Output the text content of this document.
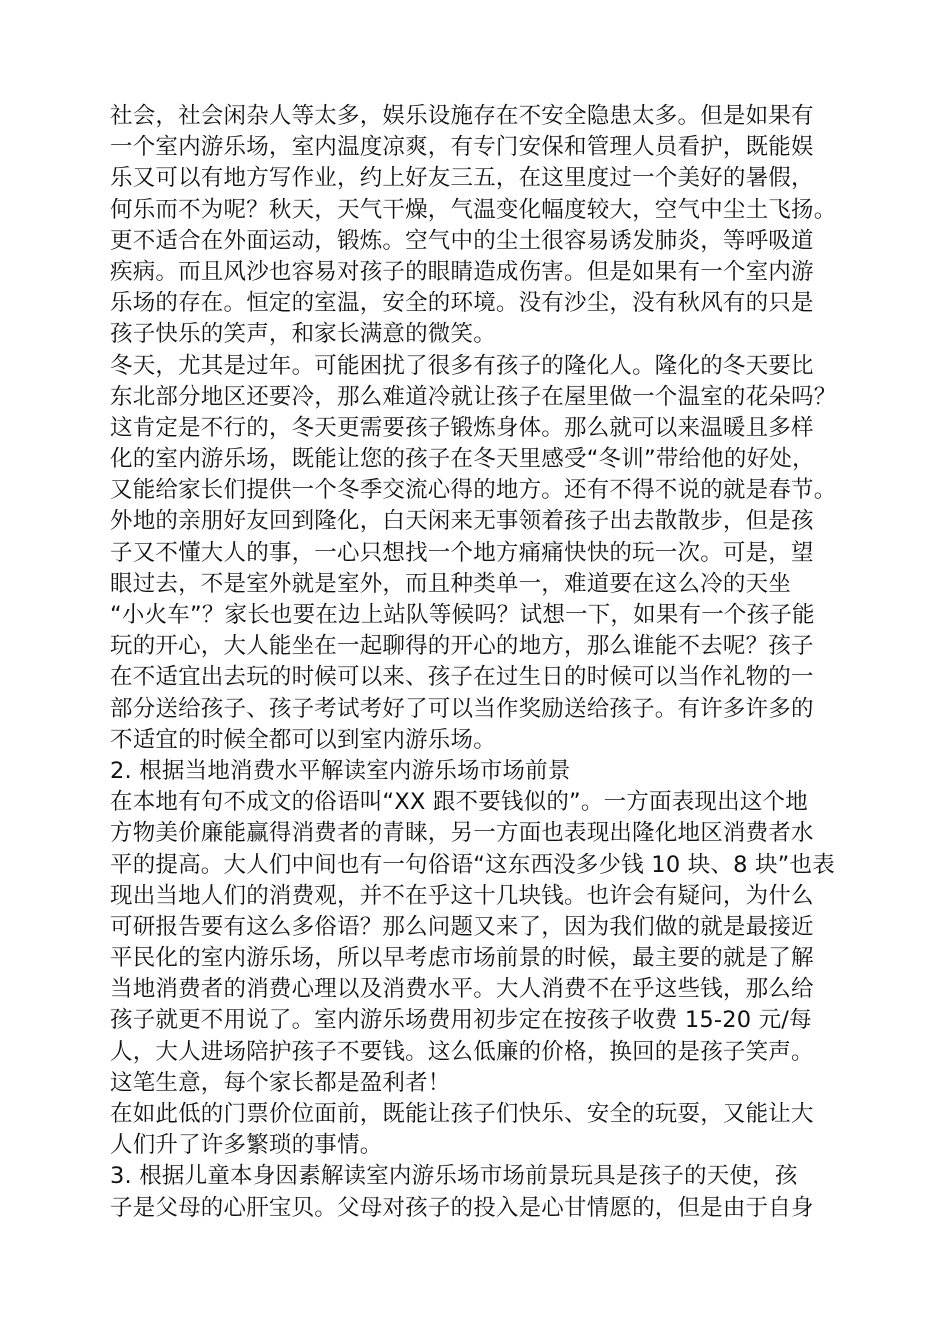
社会，社会闲杂人等太多，娱乐设施存在不安全隐患太多。但是如果有
一个室内游乐场，室内温度凉爽，有专门安保和管理人员看护，既能娱
乐又可以有地方写作业，约上好友三五，在这里度过一个美好的暑假，
何乐而不为呢？秋天，天气干燥，气温变化幅度较大，空气中尘土飞扬。
更不适合在外面运动，锻炼。空气中的尘土很容易诱发肺炎，等呼吸道
疾病。而且风沙也容易对孩子的眼睛造成伤害。但是如果有一个室内游
乐场的存在。恒定的室温，安全的环境。没有沙尘，没有秋风有的只是
孩子快乐的笑声，和家长满意的微笑。
冬天，尤其是过年。可能困扰了很多有孩子的隆化人。隆化的冬天要比
东北部分地区还要冷，那么难道冷就让孩子在屋里做一个温室的花朵吗？
这肯定是不行的，冬天更需要孩子锻炼身体。那么就可以来温暖且多样
化的室内游乐场，既能让您的孩子在冬天里感受“冬训”带给他的好处，
又能给家长们提供一个冬季交流心得的地方。还有不得不说的就是春节。
外地的亲朋好友回到隆化，白天闲来无事领着孩子出去散散步，但是孩
子又不懂大人的事，一心只想找一个地方痛痛快快的玩一次。可是，望
眼过去，不是室外就是室外，而且种类单一，难道要在这么冷的天坐
“小火车”？家长也要在边上站队等候吗？试想一下，如果有一个孩子能
玩的开心，大人能坐在一起聊得的开心的地方，那么谁能不去呢？孩子
在不适宜出去玩的时候可以来、孩子在过生日的时候可以当作礼物的一
部分送给孩子、孩子考试考好了可以当作奖励送给孩子。有许多许多的
不适宜的时候全都可以到室内游乐场。
2. 根据当地消费水平解读室内游乐场市场前景
在本地有句不成文的俗语叫“XX 跟不要钱似的”。一方面表现出这个地
方物美价廉能赢得消费者的青睐，另一方面也表现出隆化地区消费者水
平的提高。大人们中间也有一句俗语“这东西没多少钱 10 块、8 块”也表
现出当地人们的消费观，并不在乎这十几块钱。也许会有疑问，为什么
可研报告要有这么多俗语？那么问题又来了，因为我们做的就是最接近
平民化的室内游乐场，所以早考虑市场前景的时候，最主要的就是了解
当地消费者的消费心理以及消费水平。大人消费不在乎这些钱，那么给
孩子就更不用说了。室内游乐场费用初步定在按孩子收费 15-20 元/每
人，大人进场陪护孩子不要钱。这么低廉的价格，换回的是孩子笑声。
这笔生意，每个家长都是盈利者！
在如此低的门票价位面前，既能让孩子们快乐、安全的玩耍，又能让大
人们升了许多繁琐的事情。
3. 根据儿童本身因素解读室内游乐场市场前景玩具是孩子的天使，孩
子是父母的心肝宝贝。父母对孩子的投入是心甘情愿的，但是由于自身
